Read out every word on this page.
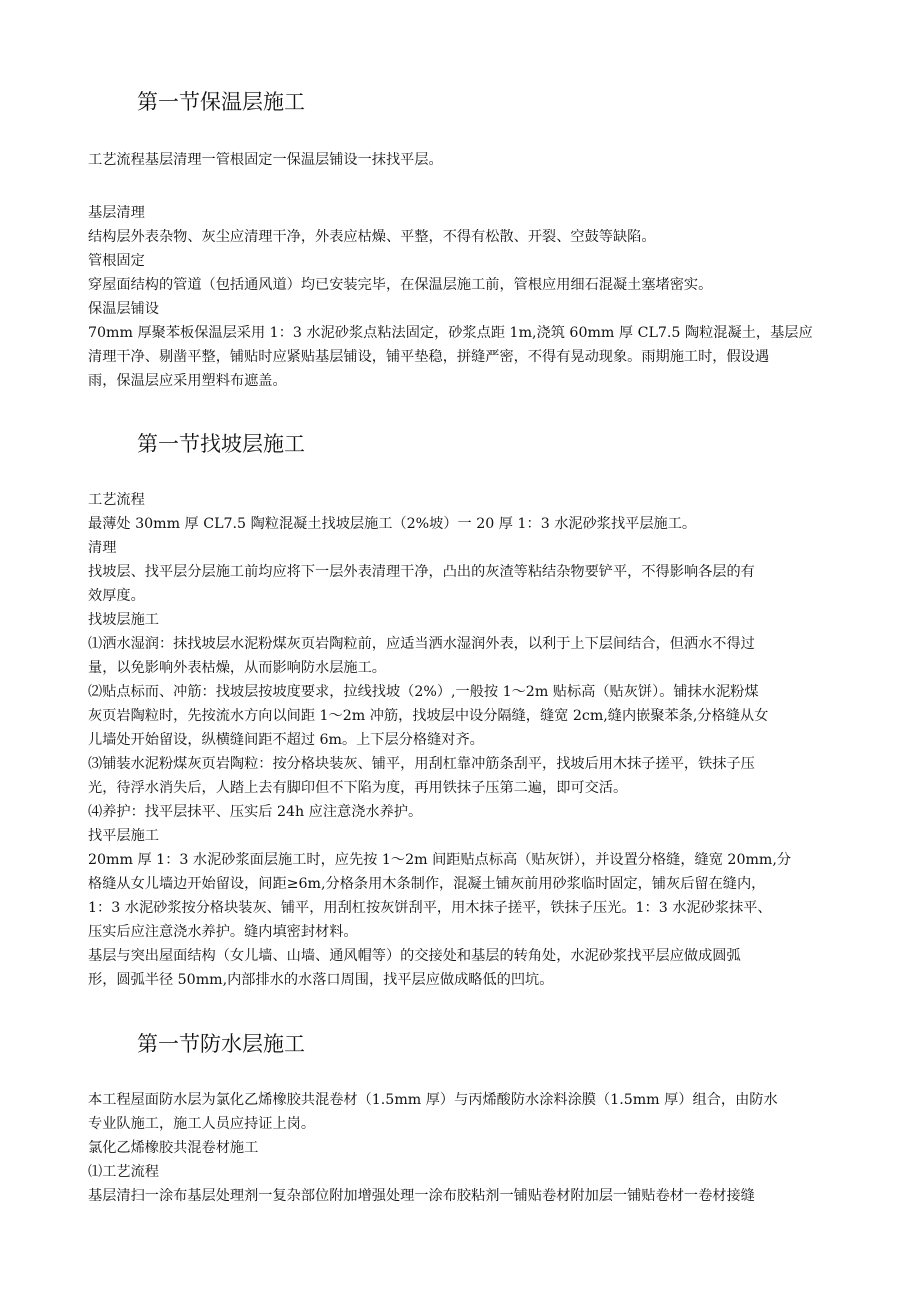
第一节保温层施工
工艺流程基层清理一管根固定一保温层铺设一抹找平层。
基层清理
结构层外表杂物、灰尘应清理干净，外表应枯燥、平整，不得有松散、开裂、空鼓等缺陷。
管根固定
穿屋面结构的管道（包括通风道）均已安装完毕，在保温层施工前，管根应用细石混凝土塞堵密实。
保温层铺设
70mm 厚聚苯板保温层采用 1：3 水泥砂浆点粘法固定，砂浆点距 1m,浇筑 60mm 厚 CL7.5 陶粒混凝土，基层应
清理干净、剔凿平整，铺贴时应紧贴基层铺设，铺平垫稳，拼缝严密，不得有晃动现象。雨期施工时，假设遇
雨，保温层应采用塑料布遮盖。
第一节找坡层施工
工艺流程
最薄处 30mm 厚 CL7.5 陶粒混凝土找坡层施工（2%坡）一 20 厚 1：3 水泥砂浆找平层施工。
清理
找坡层、找平层分层施工前均应将下一层外表清理干净，凸出的灰渣等粘结杂物要铲平，不得影响各层的有
效厚度。
找坡层施工
⑴洒水湿润：抹找坡层水泥粉煤灰页岩陶粒前，应适当洒水湿润外表，以利于上下层间结合，但洒水不得过
量，以免影响外表枯燥，从而影响防水层施工。
⑵贴点标而、冲筋：找坡层按坡度要求，拉线找坡（2%）,一般按 1～2m 贴标高（贴灰饼）。铺抹水泥粉煤
灰页岩陶粒时，先按流水方向以间距 1～2m 冲筋，找坡层中设分隔缝，缝宽 2cm,缝内嵌聚苯条,分格缝从女
儿墙处开始留设，纵横缝间距不超过 6m。上下层分格缝对齐。
⑶铺装水泥粉煤灰页岩陶粒：按分格块装灰、铺平，用刮杠靠冲筋条刮平，找坡后用木抹子搓平，铁抹子压
光，待浮水消失后，人踏上去有脚印但不下陷为度，再用铁抹子压第二遍，即可交活。
⑷养护：找平层抹平、压实后 24h 应注意浇水养护。
找平层施工
20mm 厚 1：3 水泥砂浆面层施工时，应先按 1～2m 间距贴点标高（贴灰饼），并设置分格缝，缝宽 20mm,分
格缝从女儿墙边开始留设，间距≥6m,分格条用木条制作，混凝土铺灰前用砂浆临时固定，铺灰后留在缝内，
1：3 水泥砂浆按分格块装灰、铺平，用刮杠按灰饼刮平，用木抹子搓平，铁抹子压光。1：3 水泥砂浆抹平、
压实后应注意浇水养护。缝内填密封材料。
基层与突出屋面结构（女儿墙、山墙、通风帽等）的交接处和基层的转角处，水泥砂浆找平层应做成圆弧
形，圆弧半径 50mm,内部排水的水落口周围，找平层应做成略低的凹坑。
第一节防水层施工
本工程屋面防水层为氯化乙烯橡胶共混卷材（1.5mm 厚）与丙烯酸防水涂料涂膜（1.5mm 厚）组合，由防水
专业队施工，施工人员应持证上岗。
氯化乙烯橡胶共混卷材施工
⑴工艺流程
基层清扫一涂布基层处理剂一复杂部位附加增强处理一涂布胶粘剂一铺贴卷材附加层一铺贴卷材一卷材接缝
